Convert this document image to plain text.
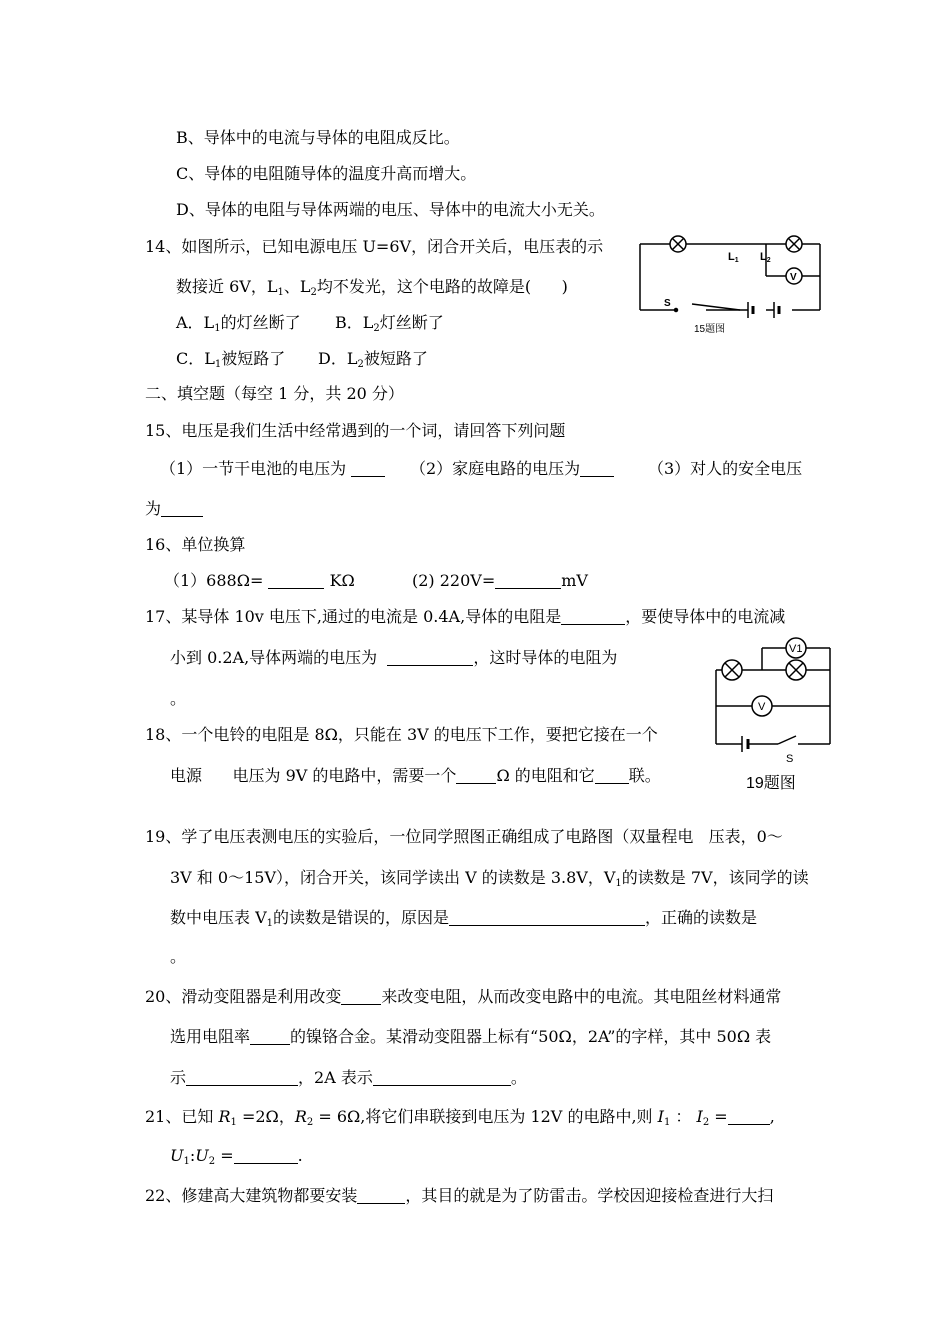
B、导体中的电流与导体的电阻成反比。
C、导体的电阻随导体的温度升高而增大。
D、导体的电阻与导体两端的电压、导体中的电流大小无关。
14、如图所示，已知电源电压 U=6V，闭合开关后，电压表的示
数接近 6V，$L_1$、$L_2$均不发光，这个电路的故障是(      )
A．$L_1$的灯丝断了 B．$L_2$灯丝断了
C．$L_1$被短路了 D．$L_2$被短路了
L1 L2
V
S
15题图
二、填空题（每空 1 分，共 20 分）
15、电压是我们生活中经常遇到的一个词，请回答下列问题
（1）一节干电池的电压为	（2）家庭电路的电压为	（3）对人的安全电压
为
16、单位换算
（1）688Ω=	KΩ	(2) 220V=	mV
17、某导体 10v 电压下,通过的电流是 0.4A,导体的电阻是	，要使导体中的电流减
小到 0.2A,导体两端的电压为	，这时导体的电阻为
。
V1
V
S
19题图
18、一个电铃的电阻是 8Ω，只能在 3V 的电压下工作，要把它接在一个
电源      电压为 9V 的电路中，需要一个	Ω 的电阻和它 联。
19、学了电压表测电压的实验后，一位同学照图正确组成了电路图（双量程电   压表，0～
3V 和 0～15V），闭合开关，该同学读出 V 的读数是 3.8V，$V_1$的读数是 7V，该同学的读
数中电压表 $V_1$的读数是错误的，原因是	，正确的读数是
。
20、滑动变阻器是利用改变	来改变电阻，从而改变电路中的电流。其电阻丝材料通常
选用电阻率	的镍铬合金。某滑动变阻器上标有“50Ω，2A”的字样，其中 50Ω 表
示	，2A 表示	。
21、已知 $R_1 =2\Omega$，$R_2 = 6\Omega$,将它们串联接到电压为 12V 的电路中,则 $I_1$ ： $I_2$ =	,
$U_1:U_2$ =	.
22、修建高大建筑物都要安装	，其目的就是为了防雷击。学校因迎接检查进行大扫
